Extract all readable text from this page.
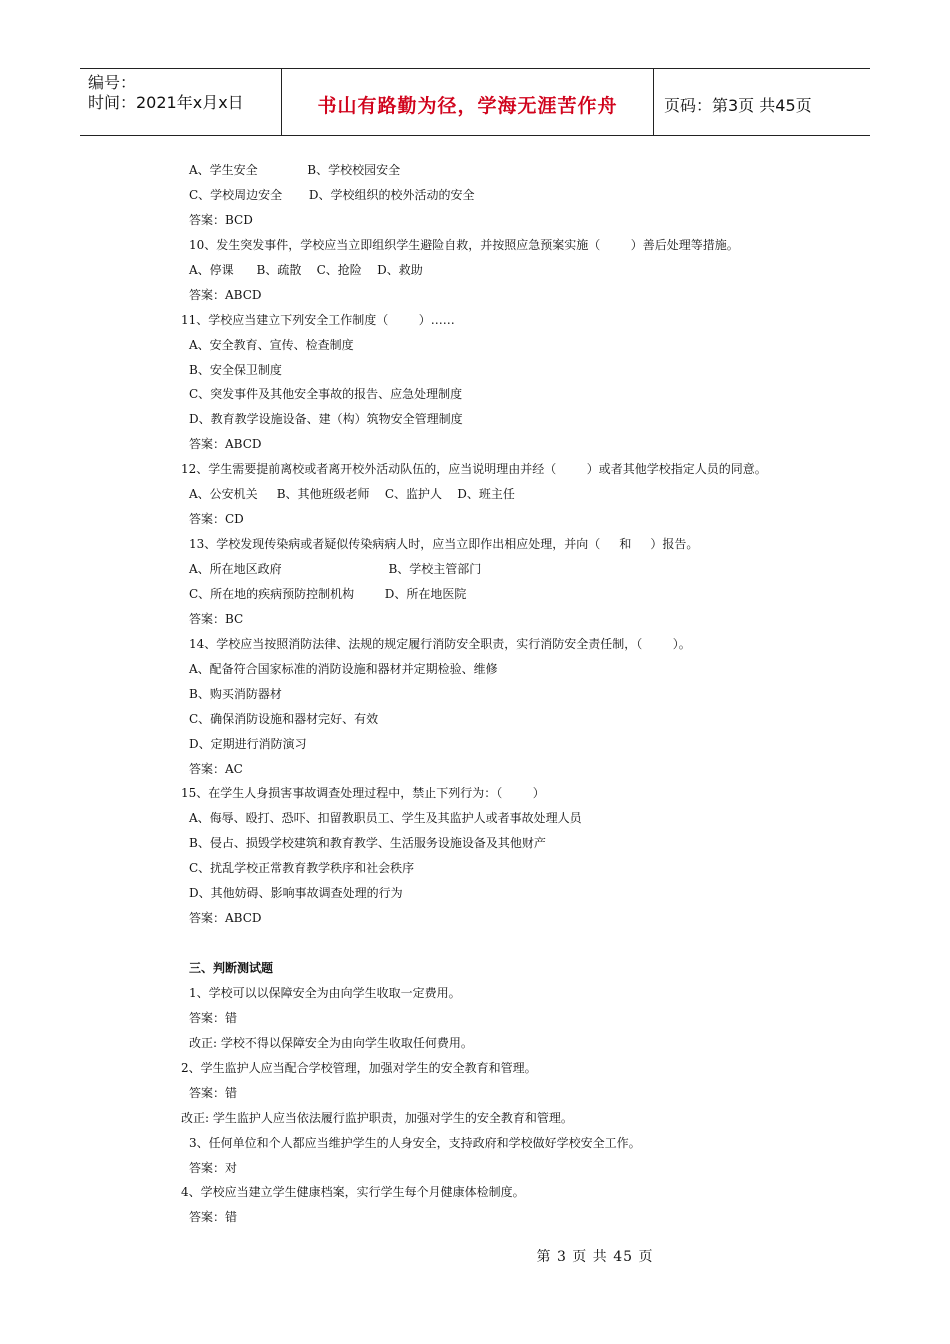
编号：
时间：2021年x月x日	书山有路勤为径，学海无涯苦作舟	页码：第3页 共45页
A、学生安全             B、学校校园安全
C、学校周边安全       D、学校组织的校外活动的安全
答案：BCD
10、发生突发事件，学校应当立即组织学生避险自救，并按照应急预案实施（        ）善后处理等措施。
A、停课      B、疏散    C、抢险    D、救助
答案：ABCD
11、学校应当建立下列安全工作制度（        ）……
A、安全教育、宣传、检查制度
B、安全保卫制度
C、突发事件及其他安全事故的报告、应急处理制度
D、教育教学设施设备、建（构）筑物安全管理制度
答案：ABCD
12、学生需要提前离校或者离开校外活动队伍的，应当说明理由并经（        ）或者其他学校指定人员的同意。
A、公安机关     B、其他班级老师    C、监护人    D、班主任
答案：CD
13、学校发现传染病或者疑似传染病病人时，应当立即作出相应处理，并向（     和     ）报告。
A、所在地区政府                            B、学校主管部门
C、所在地的疾病预防控制机构        D、所在地医院
答案：BC
14、学校应当按照消防法律、法规的规定履行消防安全职责，实行消防安全责任制，（        ）。
A、配备符合国家标准的消防设施和器材并定期检验、维修
B、购买消防器材
C、确保消防设施和器材完好、有效
D、定期进行消防演习
答案：AC
15、在学生人身损害事故调查处理过程中，禁止下列行为：（        ）
A、侮辱、殴打、恐吓、扣留教职员工、学生及其监护人或者事故处理人员
B、侵占、损毁学校建筑和教育教学、生活服务设施设备及其他财产
C、扰乱学校正常教育教学秩序和社会秩序
D、其他妨碍、影响事故调查处理的行为
答案：ABCD
三、判断测试题
1、学校可以以保障安全为由向学生收取一定费用。
答案：错
改正: 学校不得以保障安全为由向学生收取任何费用。
2、学生监护人应当配合学校管理，加强对学生的安全教育和管理。
答案：错
改正: 学生监护人应当依法履行监护职责，加强对学生的安全教育和管理。
3、任何单位和个人都应当维护学生的人身安全，支持政府和学校做好学校安全工作。
答案：对
4、学校应当建立学生健康档案，实行学生每个月健康体检制度。
答案：错
第 3 页 共 45 页
